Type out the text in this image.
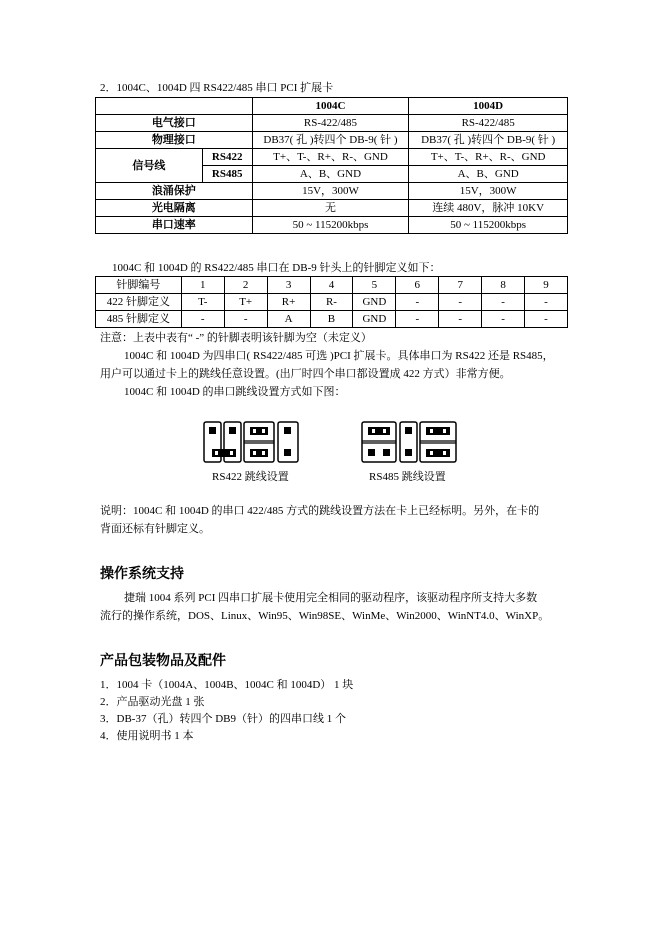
2．1004C、1004D 四 RS422/485 串口 PCI 扩展卡
		1004C	1004D
电气接口		RS-422/485	RS-422/485
物理接口		DB37( 孔 )转四个 DB-9( 针 )	DB37( 孔 )转四个 DB-9( 针 )
信号线	RS422	T+、T-、R+、R-、GND	T+、T-、R+、R-、GND
	RS485	A、B、GND	A、B、GND
浪涌保护		15V，300W	15V，300W
光电隔离		无	连续 480V，脉冲 10KV
串口速率		50 ~ 115200kbps	50 ~ 115200kbps
1004C 和 1004D 的 RS422/485 串口在 DB-9 针头上的针脚定义如下：
针脚编号	1	2	3	4	5	6	7	8	9
422 针脚定义	T-	T+	R+	R-	GND	-	-	-	-
485 针脚定义	-	-	A	B	GND	-	-	-	-
注意：上表中表有“ -” 的针脚表明该针脚为空（未定义）
1004C 和 1004D 为四串口( RS422/485 可选 )PCI 扩展卡。具体串口为 RS422 还是 RS485，
用户可以通过卡上的跳线任意设置。(出厂时四个串口都设置成 422 方式）非常方便。
1004C 和 1004D 的串口跳线设置方式如下图：
RS422 跳线设置	RS485 跳线设置
说明：1004C 和 1004D 的串口 422/485 方式的跳线设置方法在卡上已经标明。另外，在卡的
背面还标有针脚定义。
操作系统支持
捷瑞 1004 系列 PCI 四串口扩展卡使用完全相同的驱动程序，该驱动程序所支持大多数
流行的操作系统，DOS、Linux、Win95、Win98SE、WinMe、Win2000、WinNT4.0、WinXP。
产品包装物品及配件
1．1004 卡（1004A、1004B、1004C 和 1004D） 1 块
2．产品驱动光盘 1 张
3．DB-37（孔）转四个 DB9（针）的四串口线 1 个
4．使用说明书 1 本
